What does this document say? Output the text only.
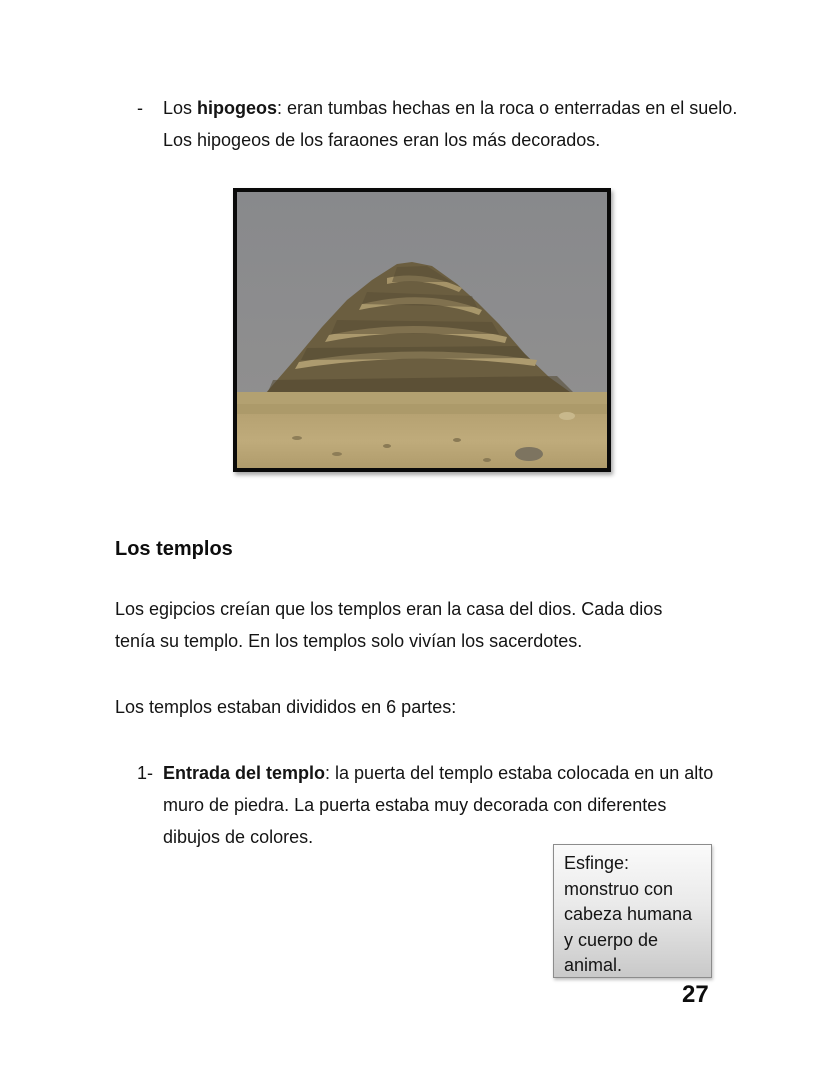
-	Los hipogeos: eran tumbas hechas en la roca o enterradas en el suelo. Los hipogeos de los faraones eran los más decorados.
Los templos
Los egipcios creían que los templos eran la casa del dios. Cada dios tenía su templo. En los templos solo vivían los sacerdotes.
Los templos estaban divididos en 6 partes:
1- Entrada del templo: la puerta del templo estaba colocada en un alto muro de piedra. La puerta estaba muy decorada con diferentes dibujos de colores.
Esfinge:
monstruo con
cabeza humana
y cuerpo de
animal.
27
